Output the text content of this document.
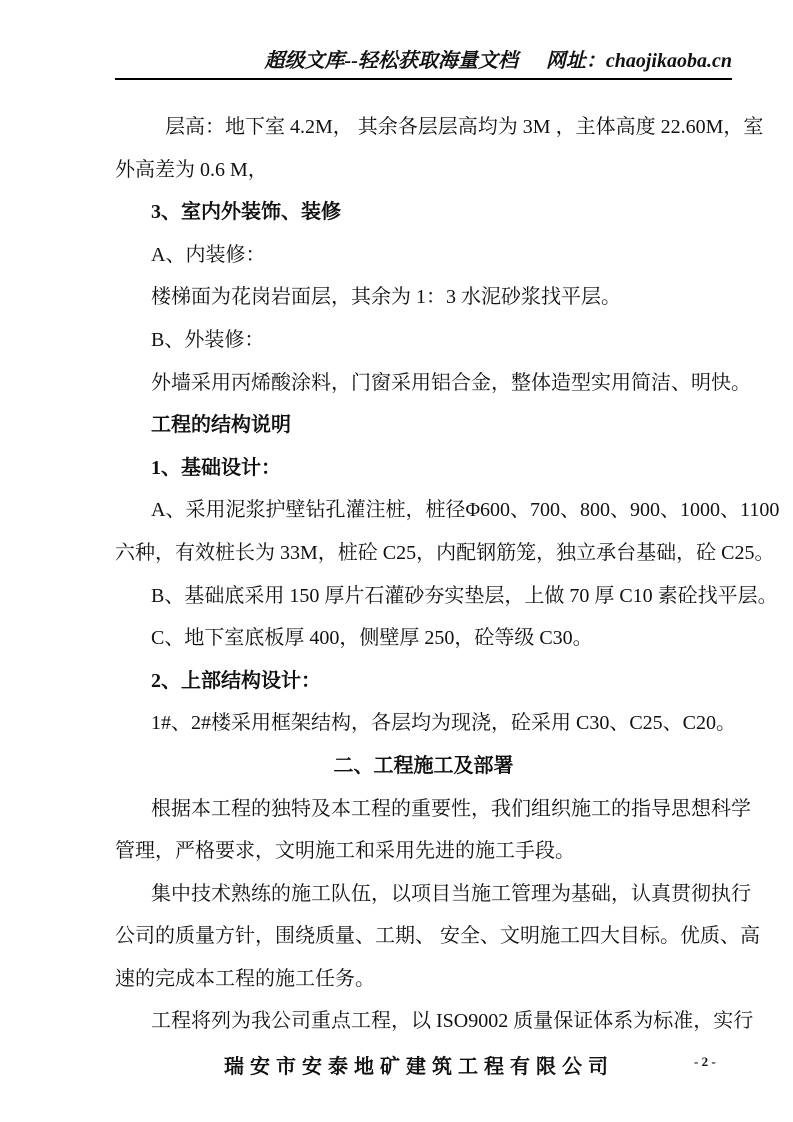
超级文库--轻松获取海量文档 网址：chaojikaoba.cn
层高：地下室 4.2M， 其余各层层高均为 3M ，主体高度 22.60M，室
外高差为 0.6 M，
3、室内外装饰、装修
A、内装修：
楼梯面为花岗岩面层，其余为 1：3 水泥砂浆找平层。
B、外装修：
外墙采用丙烯酸涂料，门窗采用铝合金，整体造型实用简洁、明快。
工程的结构说明
1、基础设计：
A、采用泥浆护壁钻孔灌注桩，桩径Φ600、700、800、900、1000、1100
六种，有效桩长为 33M，桩砼 C25，内配钢筋笼，独立承台基础，砼 C25。
B、基础底采用 150 厚片石灌砂夯实垫层，上做 70 厚 C10 素砼找平层。
C、地下室底板厚 400，侧壁厚 250，砼等级 C30。
2、上部结构设计：
1#、2#楼采用框架结构，各层均为现浇，砼采用 C30、C25、C20。
二、工程施工及部署
根据本工程的独特及本工程的重要性，我们组织施工的指导思想科学
管理，严格要求，文明施工和采用先进的施工手段。
集中技术熟练的施工队伍，以项目当施工管理为基础，认真贯彻执行
公司的质量方针，围绕质量、工期、 安全、文明施工四大目标。优质、高
速的完成本工程的施工任务。
工程将列为我公司重点工程，以 ISO9002 质量保证体系为标准，实行
瑞安市安泰地矿建筑工程有限公司	- 2 -
